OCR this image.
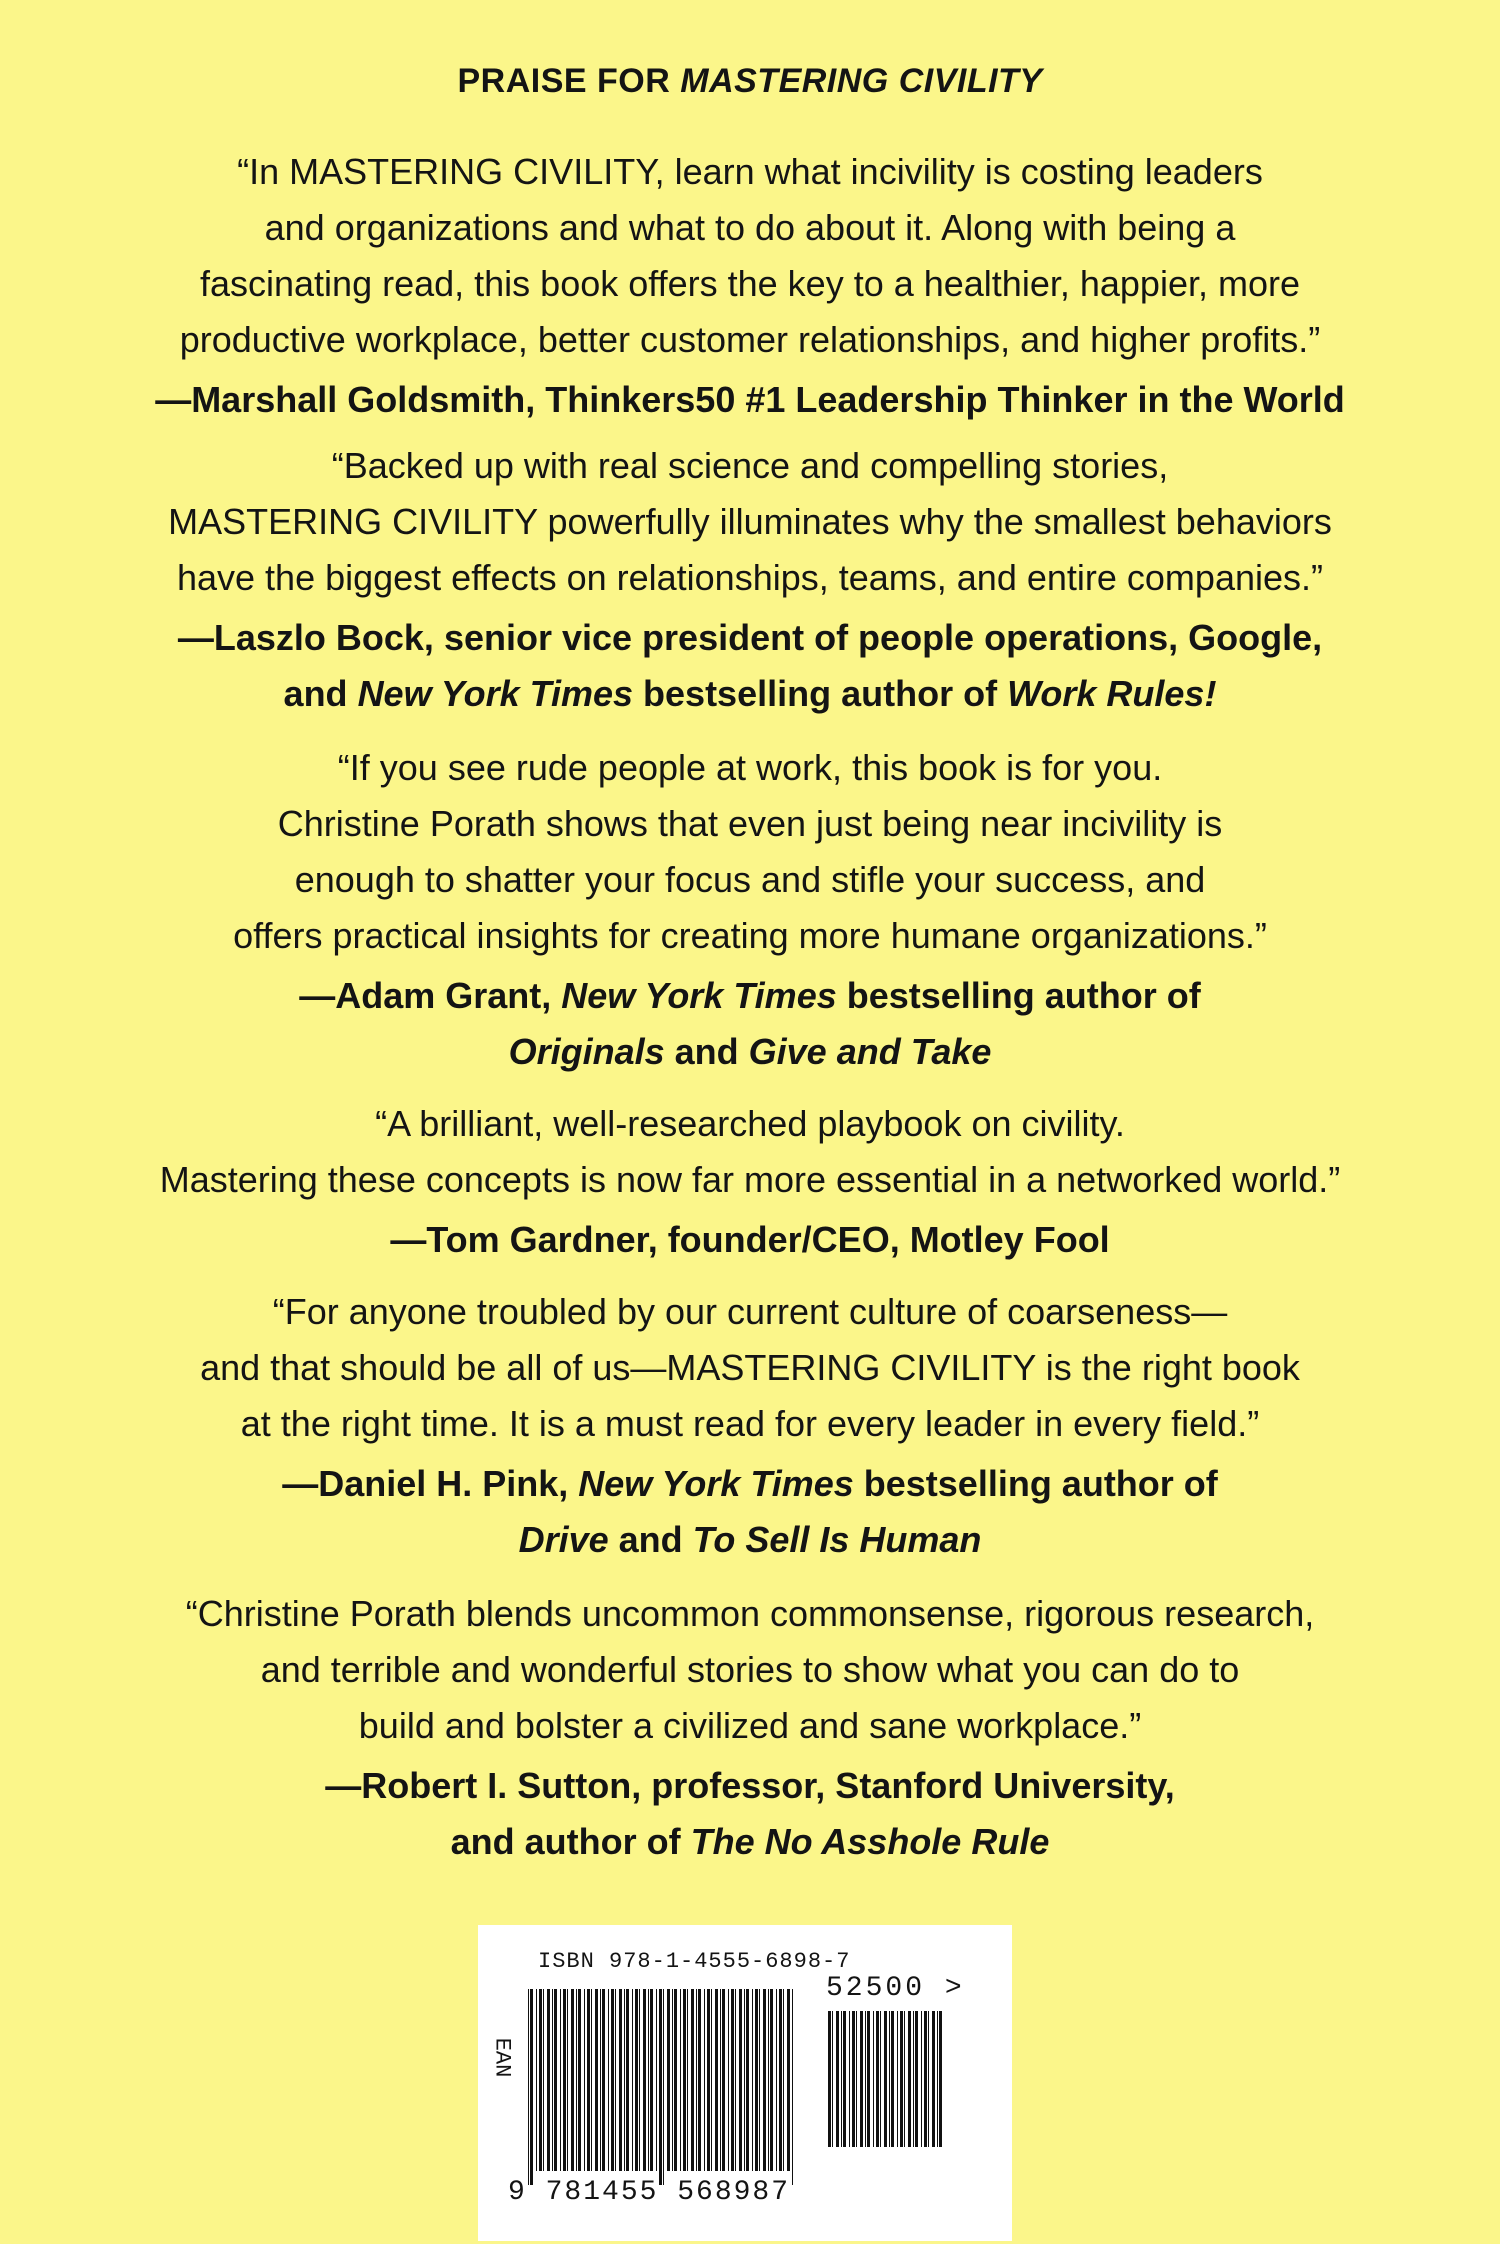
PRAISE FOR MASTERING CIVILITY
“In MASTERING CIVILITY, learn what incivility is costing leaders
and organizations and what to do about it. Along with being a
fascinating read, this book offers the key to a healthier, happier, more
productive workplace, better customer relationships, and higher profits.”
—Marshall Goldsmith, Thinkers50 #1 Leadership Thinker in the World
“Backed up with real science and compelling stories,
MASTERING CIVILITY powerfully illuminates why the smallest behaviors
have the biggest effects on relationships, teams, and entire companies.”
—Laszlo Bock, senior vice president of people operations, Google,
and New York Times bestselling author of Work Rules!
“If you see rude people at work, this book is for you.
Christine Porath shows that even just being near incivility is
enough to shatter your focus and stifle your success, and
offers practical insights for creating more humane organizations.”
—Adam Grant, New York Times bestselling author of
Originals and Give and Take
“A brilliant, well-researched playbook on civility.
Mastering these concepts is now far more essential in a networked world.”
—Tom Gardner, founder/CEO, Motley Fool
“For anyone troubled by our current culture of coarseness—
and that should be all of us—MASTERING CIVILITY is the right book
at the right time. It is a must read for every leader in every field.”
—Daniel H. Pink, New York Times bestselling author of
Drive and To Sell Is Human
“Christine Porath blends uncommon commonsense, rigorous research,
and terrible and wonderful stories to show what you can do to
build and bolster a civilized and sane workplace.”
—Robert I. Sutton, professor, Stanford University,
and author of The No Asshole Rule
ISBN 978-1-4555-6898-7
52500 >
EAN
9 781455 568987
